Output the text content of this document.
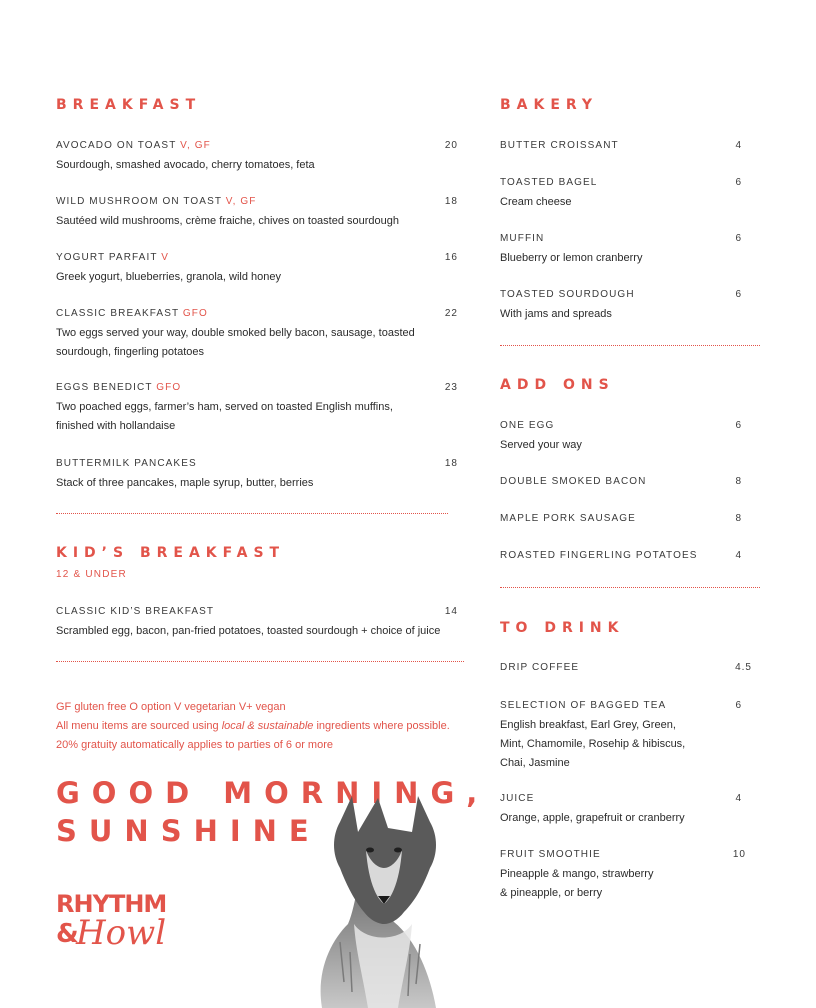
BREAKFAST
AVOCADO ON TOAST V, GF	20
Sourdough, smashed avocado, cherry tomatoes, feta
WILD MUSHROOM ON TOAST V, GF	18
Sautéed wild mushrooms, crème fraiche, chives on toasted sourdough
YOGURT PARFAIT V	16
Greek yogurt, blueberries, granola, wild honey
CLASSIC BREAKFAST GFO	22
Two eggs served your way, double smoked belly bacon, sausage, toasted
sourdough, fingerling potatoes
EGGS BENEDICT GFO	23
Two poached eggs, farmer’s ham, served on toasted English muffins,
finished with hollandaise
BUTTERMILK PANCAKES	18
Stack of three pancakes, maple syrup, butter, berries
KID’S BREAKFAST
12 & UNDER
CLASSIC KID’S BREAKFAST	14
Scrambled egg, bacon, pan-fried potatoes, toasted sourdough + choice of juice
GF gluten free O option V vegetarian V+ vegan
All menu items are sourced using local & sustainable ingredients where possible.
20% gratuity automatically applies to parties of 6 or more
GOOD MORNING,
SUNSHINE
RHYTHM
&
Howl
BAKERY
BUTTER CROISSANT	4
TOASTED BAGEL	6
Cream cheese
MUFFIN	6
Blueberry or lemon cranberry
TOASTED SOURDOUGH	6
With jams and spreads
ADD ONS
ONE EGG	6
Served your way
DOUBLE SMOKED BACON	8
MAPLE PORK SAUSAGE	8
ROASTED FINGERLING POTATOES	4
TO DRINK
DRIP COFFEE	4.5
SELECTION OF BAGGED TEA	6
English breakfast, Earl Grey, Green,
Mint, Chamomile, Rosehip & hibiscus,
Chai, Jasmine
JUICE	4
Orange, apple, grapefruit or cranberry
FRUIT SMOOTHIE	10
Pineapple & mango, strawberry
& pineapple, or berry
